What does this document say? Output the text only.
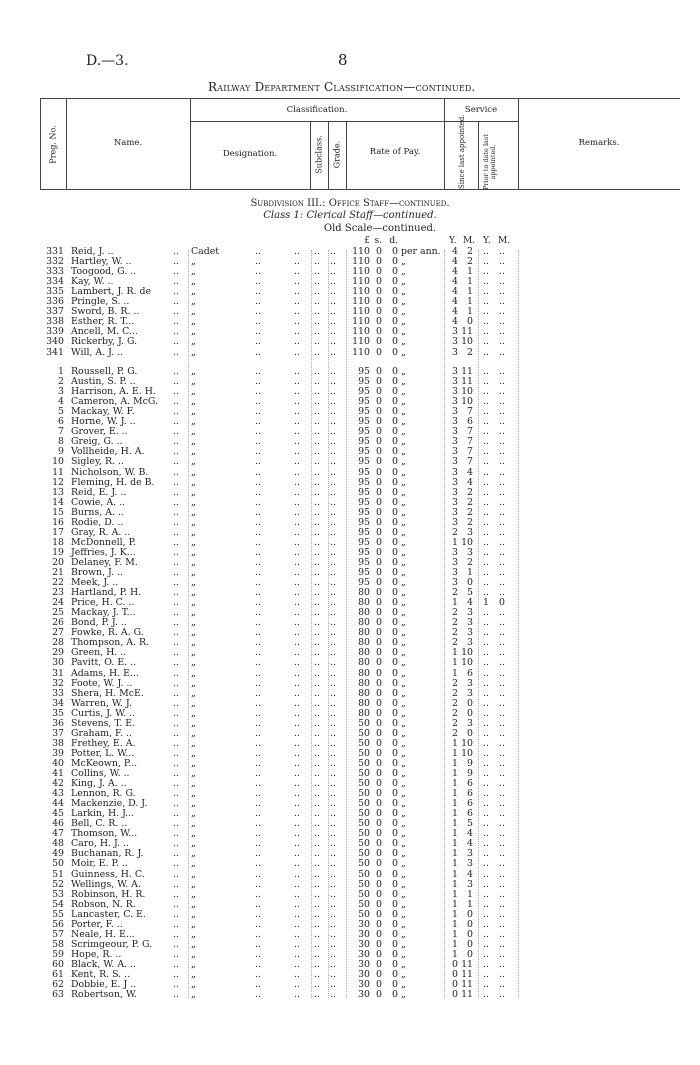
D.—3.	8
Railway Department Classification—continued.
Preg. No.	Name.
Classification.
Designation.	Subclass. Grade.	Rate of Pay.
Service
Since last appointed. Prior to date last appointed.
Remarks.
Subdivision III.: Office Staff—continued.
Class 1: Clerical Staff—continued.
Old Scale—continued.
£ s. d.	Y. M. Y. M.
331 Reid, J. ..	.. Cadet	..	.. .. ..	110 0	0 per ann.	4 2 .. ..
332 Hartley, W. ..	.. „	..	.. .. ..	110 0	0 „	4 2 .. ..
333 Toogood, G. ..	.. „	..	.. .. ..	110 0	0 „	4 1 .. ..
334 Kay, W. ..	.. „	..	.. .. ..	110 0	0 „	4 1 .. ..
335 Lambert, J. R. de .. „	..	.. .. ..	110 0	0 „	4 1 .. ..
336 Pringle, S. ..	.. „	..	.. .. ..	110 0	0 „	4 1 .. ..
337 Sword, B. R. ..	.. „	..	.. .. ..	110 0	0 „	4 1 .. ..
338 Esther, R. T...	.. „	..	.. .. ..	110 0	0 „	4 0 .. ..
339 Ancell, M. C...	.. „	..	.. .. ..	110 0	0 „	3 11 .. ..
340 Rickerby, J. G.	.. „	..	.. .. ..	110 0	0 „	3 10 .. ..
341 Will, A. J. ..	.. „	..	.. .. ..	110 0	0 „	3 2 .. ..
1 Roussell, P. G.	.. „	..	.. .. ..	95 0	0 „	3 11 .. ..
2 Austin, S. P. ..	.. „	..	.. .. ..	95 0	0 „	3 11 .. ..
3 Harrison, A. E. H. .. „	..	.. .. ..	95 0	0 „	3 10 .. ..
4 Cameron, A. McG. .. „	..	.. .. ..	95 0	0 „	3 10 .. ..
5 Mackay, W. F.	.. „	..	.. .. ..	95 0	0 „	3 7 .. ..
6 Horne, W. J. ..	.. „	..	.. .. ..	95 0	0 „	3 6 .. ..
7 Grover, E. ..	.. „	..	.. .. ..	95 0	0 „	3 7 .. ..
8 Greig, G. ..	.. „	..	.. .. ..	95 0	0 „	3 7 .. ..
9 Vollheide, H. A.	.. „	..	.. .. ..	95 0	0 „	3 7 .. ..
10 Sigley, R. ..	.. „	..	.. .. ..	95 0	0 „	3 7 .. ..
11 Nicholson, W. B.	.. „	..	.. .. ..	95 0	0 „	3 4 .. ..
12 Fleming, H. de B. .. „	..	.. .. ..	95 0	0 „	3 4 .. ..
13 Reid, E. J. ..	.. „	..	.. .. ..	95 0	0 „	3 2 .. ..
14 Cowie, A. ..	.. „	..	.. .. ..	95 0	0 „	3 2 .. ..
15 Burns, A. ..	.. „	..	.. .. ..	95 0	0 „	3 2 .. ..
16 Rodie, D. ..	.. „	..	.. .. ..	95 0	0 „	3 2 .. ..
17 Gray, R. A. ..	.. „	..	.. .. ..	95 0	0 „	2 3 .. ..
18 McDonnell, P.	.. „	..	.. .. ..	95 0	0 „	1 10 .. ..
19 Jeffries, J. K...	.. „	..	.. .. ..	95 0	0 „	3 3 .. ..
20 Delaney, F. M.	.. „	..	.. .. ..	95 0	0 „	3 2 .. ..
21 Brown, J. ..	.. „	..	.. .. ..	95 0	0 „	3 1 .. ..
22 Meek, J. ..	.. „	..	.. .. ..	95 0	0 „	3 0 .. ..
23 Hartland, P. H.	.. „	..	.. .. ..	80 0	0 „	2 5 .. ..
24 Price, H. C. ..	.. „	..	.. .. ..	80 0	0 „	1 4 1 0
25 Mackay, J. T...	.. „	..	.. .. ..	80 0	0 „	2 3 .. ..
26 Bond, P. J. ..	.. „	..	.. .. ..	80 0	0 „	2 3 .. ..
27 Fowke, R. A. G.	.. „	..	.. .. ..	80 0	0 „	2 3 .. ..
28 Thompson, A. R.	.. „	..	.. .. ..	80 0	0 „	2 3 .. ..
29 Green, H. ..	.. „	..	.. .. ..	80 0	0 „	1 10 .. ..
30 Pavitt, O. E. ..	.. „	..	.. .. ..	80 0	0 „	1 10 .. ..
31 Adams, H. E...	.. „	..	.. .. ..	80 0	0 „	1 6 .. ..
32 Foote, W. J. ..	.. „	..	.. .. ..	80 0	0 „	2 3 .. ..
33 Shera, H. McE.	.. „	..	.. .. ..	80 0	0 „	2 3 .. ..
34 Warren, W. J.	.. „	..	.. .. ..	80 0	0 „	2 0 .. ..
35 Curtis, J. W. ..	.. „	..	.. .. ..	80 0	0 „	2 0 .. ..
36 Stevens, T. E.	.. „	..	.. .. ..	50 0	0 „	2 3 .. ..
37 Graham, F. ..	.. „	..	.. .. ..	50 0	0 „	2 0 .. ..
38 Frethey, E. A.	.. „	..	.. .. ..	50 0	0 „	1 10 .. ..
39 Potter, L. W...	.. „	..	.. .. ..	50 0	0 „	1 10 .. ..
40 McKeown, P...	.. „	..	.. .. ..	50 0	0 „	1 9 .. ..
41 Collins, W. ..	.. „	..	.. .. ..	50 0	0 „	1 9 .. ..
42 King, J. A. ..	.. „	..	.. .. ..	50 0	0 „	1 6 .. ..
43 Lennon, R. G.	.. „	..	.. .. ..	50 0	0 „	1 6 .. ..
44 Mackenzie, D. J.	.. „	..	.. .. ..	50 0	0 „	1 6 .. ..
45 Larkin, H. J...	.. „	..	.. .. ..	50 0	0 „	1 6 .. ..
46 Bell, C. R. ..	.. „	..	.. .. ..	50 0	0 „	1 5 .. ..
47 Thomson, W...	.. „	..	.. .. ..	50 0	0 „	1 4 .. ..
48 Caro, H. J. ..	.. „	..	.. .. ..	50 0	0 „	1 4 .. ..
49 Buchanan, R. J.	.. „	..	.. .. ..	50 0	0 „	1 3 .. ..
50 Moir, E. P. ..	.. „	..	.. .. ..	50 0	0 „	1 3 .. ..
51 Guinness, H. C.	.. „	..	.. .. ..	50 0	0 „	1 4 .. ..
52 Wellings, W. A.	.. „	..	.. .. ..	50 0	0 „	1 3 .. ..
53 Robinson, H. R.	.. „	..	.. .. ..	50 0	0 „	1 1 .. ..
54 Robson, N. R.	.. „	..	.. .. ..	50 0	0 „	1 1 .. ..
55 Lancaster, C. E.	.. „	..	.. .. ..	50 0	0 „	1 0 .. ..
56 Porter, F. ..	.. „	..	.. .. ..	30 0	0 „	1 0 .. ..
57 Neale, H. E...	.. „	..	.. .. ..	30 0	0 „	1 0 .. ..
58 Scrimgeour, P. G. .. „	..	.. .. ..	30 0	0 „	1 0 .. ..
59 Hope, R. ..	.. „	..	.. .. ..	30 0	0 „	1 0 .. ..
60 Black, W. A. ..	.. „	..	.. .. ..	30 0	0 „	0 11 .. ..
61 Kent, R. S. ..	.. „	..	.. .. ..	30 0	0 „	0 11 .. ..
62 Dobbie, E. J ..	.. „	..	.. .. ..	30 0	0 „	0 11 .. ..
63 Robertson, W.	.. „	..	.. .. ..	30 0	0 „	0 11 .. ..
